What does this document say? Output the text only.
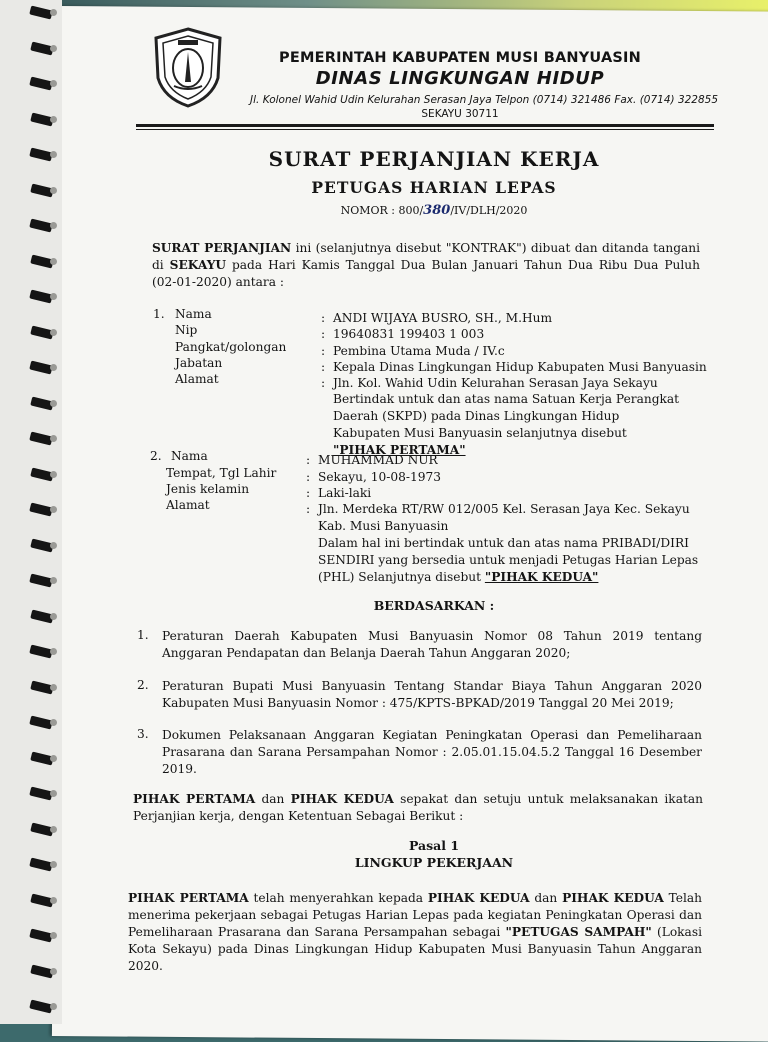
PEMERINTAH KABUPATEN MUSI BANYUASIN
DINAS LINGKUNGAN HIDUP
Jl. Kolonel Wahid Udin Kelurahan Serasan Jaya Telpon (0714) 321486 Fax. (0714) 322855
SEKAYU 30711
SURAT PERJANJIAN KERJA
PETUGAS HARIAN LEPAS
NOMOR : 800/380/IV/DLH/2020
SURAT PERJANJIAN ini (selanjutnya disebut "KONTRAK") dibuat dan ditanda tangani di SEKAYU pada Hari Kamis Tanggal Dua Bulan Januari Tahun Dua Ribu Dua Puluh (02-01-2020) antara :
1. Nama
Nip
Pangkat/golongan
Jabatan
Alamat
:
:
:
:
:
ANDI WIJAYA BUSRO, SH., M.Hum
19640831 199403 1 003
Pembina Utama Muda / IV.c
Kepala Dinas Lingkungan Hidup Kabupaten Musi Banyuasin
Jln. Kol. Wahid Udin Kelurahan Serasan Jaya Sekayu
Bertindak untuk dan atas nama Satuan Kerja Perangkat Daerah (SKPD) pada Dinas Lingkungan Hidup Kabupaten Musi Banyuasin selanjutnya disebut "PIHAK PERTAMA"
2. Nama
Tempat, Tgl Lahir
Jenis kelamin
Alamat
:
:
:
:
MUHAMMAD NUR
Sekayu, 10-08-1973
Laki-laki
Jln. Merdeka RT/RW 012/005 Kel. Serasan Jaya Kec. Sekayu Kab. Musi Banyuasin
Dalam hal ini bertindak untuk dan atas nama PRIBADI/DIRI SENDIRI yang bersedia untuk menjadi Petugas Harian Lepas (PHL) Selanjutnya disebut "PIHAK KEDUA"
BERDASARKAN :
1. Peraturan Daerah Kabupaten Musi Banyuasin Nomor 08 Tahun 2019 tentang Anggaran Pendapatan dan Belanja Daerah Tahun Anggaran 2020;
2. Peraturan Bupati Musi Banyuasin Tentang Standar Biaya Tahun Anggaran 2020 Kabupaten Musi Banyuasin Nomor : 475/KPTS-BPKAD/2019 Tanggal 20 Mei 2019;
3. Dokumen Pelaksanaan Anggaran Kegiatan Peningkatan Operasi dan Pemeliharaan Prasarana dan Sarana Persampahan Nomor : 2.05.01.15.04.5.2 Tanggal 16 Desember 2019.
PIHAK PERTAMA dan PIHAK KEDUA sepakat dan setuju untuk melaksanakan ikatan Perjanjian kerja, dengan Ketentuan Sebagai Berikut :
Pasal 1
LINGKUP PEKERJAAN
PIHAK PERTAMA telah menyerahkan kepada PIHAK KEDUA dan PIHAK KEDUA Telah menerima pekerjaan sebagai Petugas Harian Lepas pada kegiatan Peningkatan Operasi dan Pemeliharaan Prasarana dan Sarana Persampahan sebagai "PETUGAS SAMPAH" (Lokasi Kota Sekayu) pada Dinas Lingkungan Hidup Kabupaten Musi Banyuasin Tahun Anggaran 2020.
